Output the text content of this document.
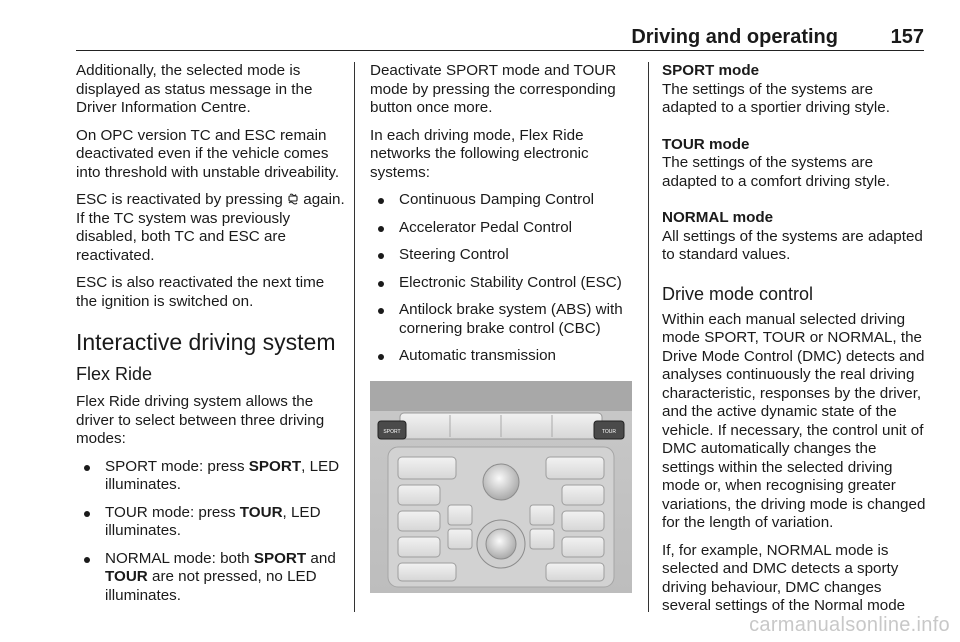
Driving and operating	157

Additionally, the selected mode is displayed as status message in the Driver Information Centre.

On OPC version TC and ESC remain deactivated even if the vehicle comes into threshold with unstable driveability.

ESC is reactivated by pressing again. If the TC system was previously disabled, both TC and ESC are reactivated.

ESC is also reactivated the next time the ignition is switched on.

Interactive driving system
Flex Ride

Flex Ride driving system allows the driver to select between three driving modes:

SPORT mode: press SPORT, LED illuminates.
TOUR mode: press TOUR, LED illuminates.
NORMAL mode: both SPORT and TOUR are not pressed, no LED illuminates.

Deactivate SPORT mode and TOUR mode by pressing the corresponding button once more.

In each driving mode, Flex Ride networks the following electronic systems:

Continuous Damping Control
Accelerator Pedal Control
Steering Control
Electronic Stability Control (ESC)
Antilock brake system (ABS) with cornering brake control (CBC)
Automatic transmission
SPORT	TOUR

SPORT mode

The settings of the systems are adapted to a sportier driving style.

TOUR mode

The settings of the systems are adapted to a comfort driving style.

NORMAL mode

All settings of the systems are adapted to standard values.

Drive mode control

Within each manual selected driving mode SPORT, TOUR or NORMAL, the Drive Mode Control (DMC) detects and analyses continuously the real driving characteristic, responses by the driver, and the active dynamic state of the vehicle. If necessary, the control unit of DMC automatically changes the settings within the selected driving mode or, when recognising greater variations, the driving mode is changed for the length of variation.

If, for example, NORMAL mode is selected and DMC detects a sporty driving behaviour, DMC changes several settings of the Normal mode

carmanualsonline.info
